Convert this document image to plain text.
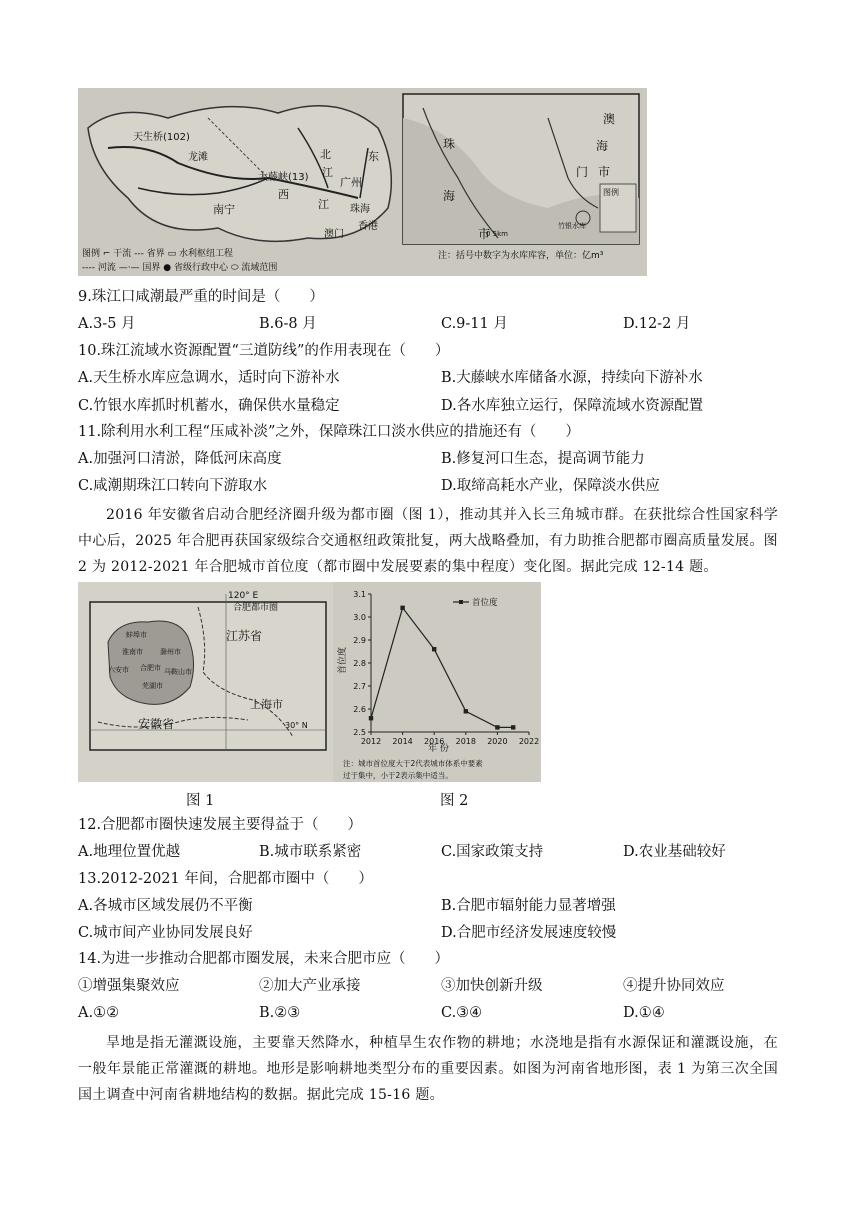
天生桥(102)
龙滩
南宁
大藤峡(13)
西
江
北
江
东
广州
珠海
香港
澳门
图例 ⌐ 干流 --- 省界 ▭ 水利枢纽工程
---- 河流 —·— 国界 ● 省级行政中心 ⬭ 流域范围
珠
海
市
澳
海
市
门
图例
竹银水库
0 5km
注：括号中数字为水库库容，单位：亿m³
9.珠江口咸潮最严重的时间是（　　）
A.3-5 月	B.6-8 月	C.9-11 月	D.12-2 月
10.珠江流域水资源配置“三道防线”的作用表现在（　　）
A.天生桥水库应急调水，适时向下游补水	B.大藤峡水库储备水源，持续向下游补水
C.竹银水库抓时机蓄水，确保供水量稳定	D.各水库独立运行，保障流域水资源配置
11.除利用水利工程“压咸补淡”之外，保障珠江口淡水供应的措施还有（　　）
A.加强河口清淤，降低河床高度	B.修复河口生态，提高调节能力
C.咸潮期珠江口转向下游取水	D.取缔高耗水产业，保障淡水供应
2016 年安徽省启动合肥经济圈升级为都市圈（图 1），推动其并入长三角城市群。在获批综合性国家科学中心后，2025 年合肥再获国家级综合交通枢纽政策批复，两大战略叠加，有力助推合肥都市圈高质量发展。图 2 为 2012-2021 年合肥城市首位度（都市圈中发展要素的集中程度）变化图。据此完成 12-14 题。
120° E
30° N
合肥都市圈
江苏省
安徽省
上海市
蚌埠市
淮南市 滁州市
六安市 合肥市
芜湖市
马鞍山市	首位度
年 份
注：城市首位度大于2代表城市体系中要素
过于集中，小于2表示集中适当。
2.5
2.6
2.7
2.8
2.9
3.0
3.1
2012 2014 2016 2018 2020 2022
首位度
图 1	图 2
12.合肥都市圈快速发展主要得益于（　　）
A.地理位置优越	B.城市联系紧密	C.国家政策支持	D.农业基础较好
13.2012-2021 年间，合肥都市圈中（　　）
A.各城市区域发展仍不平衡	B.合肥市辐射能力显著增强
C.城市间产业协同发展良好	D.合肥市经济发展速度较慢
14.为进一步推动合肥都市圈发展，未来合肥市应（　　）
①增强集聚效应	②加大产业承接	③加快创新升级	④提升协同效应
A.①②	B.②③	C.③④	D.①④
旱地是指无灌溉设施，主要靠天然降水，种植旱生农作物的耕地；水浇地是指有水源保证和灌溉设施，在一般年景能正常灌溉的耕地。地形是影响耕地类型分布的重要因素。如图为河南省地形图，表 1 为第三次全国国土调查中河南省耕地结构的数据。据此完成 15-16 题。
